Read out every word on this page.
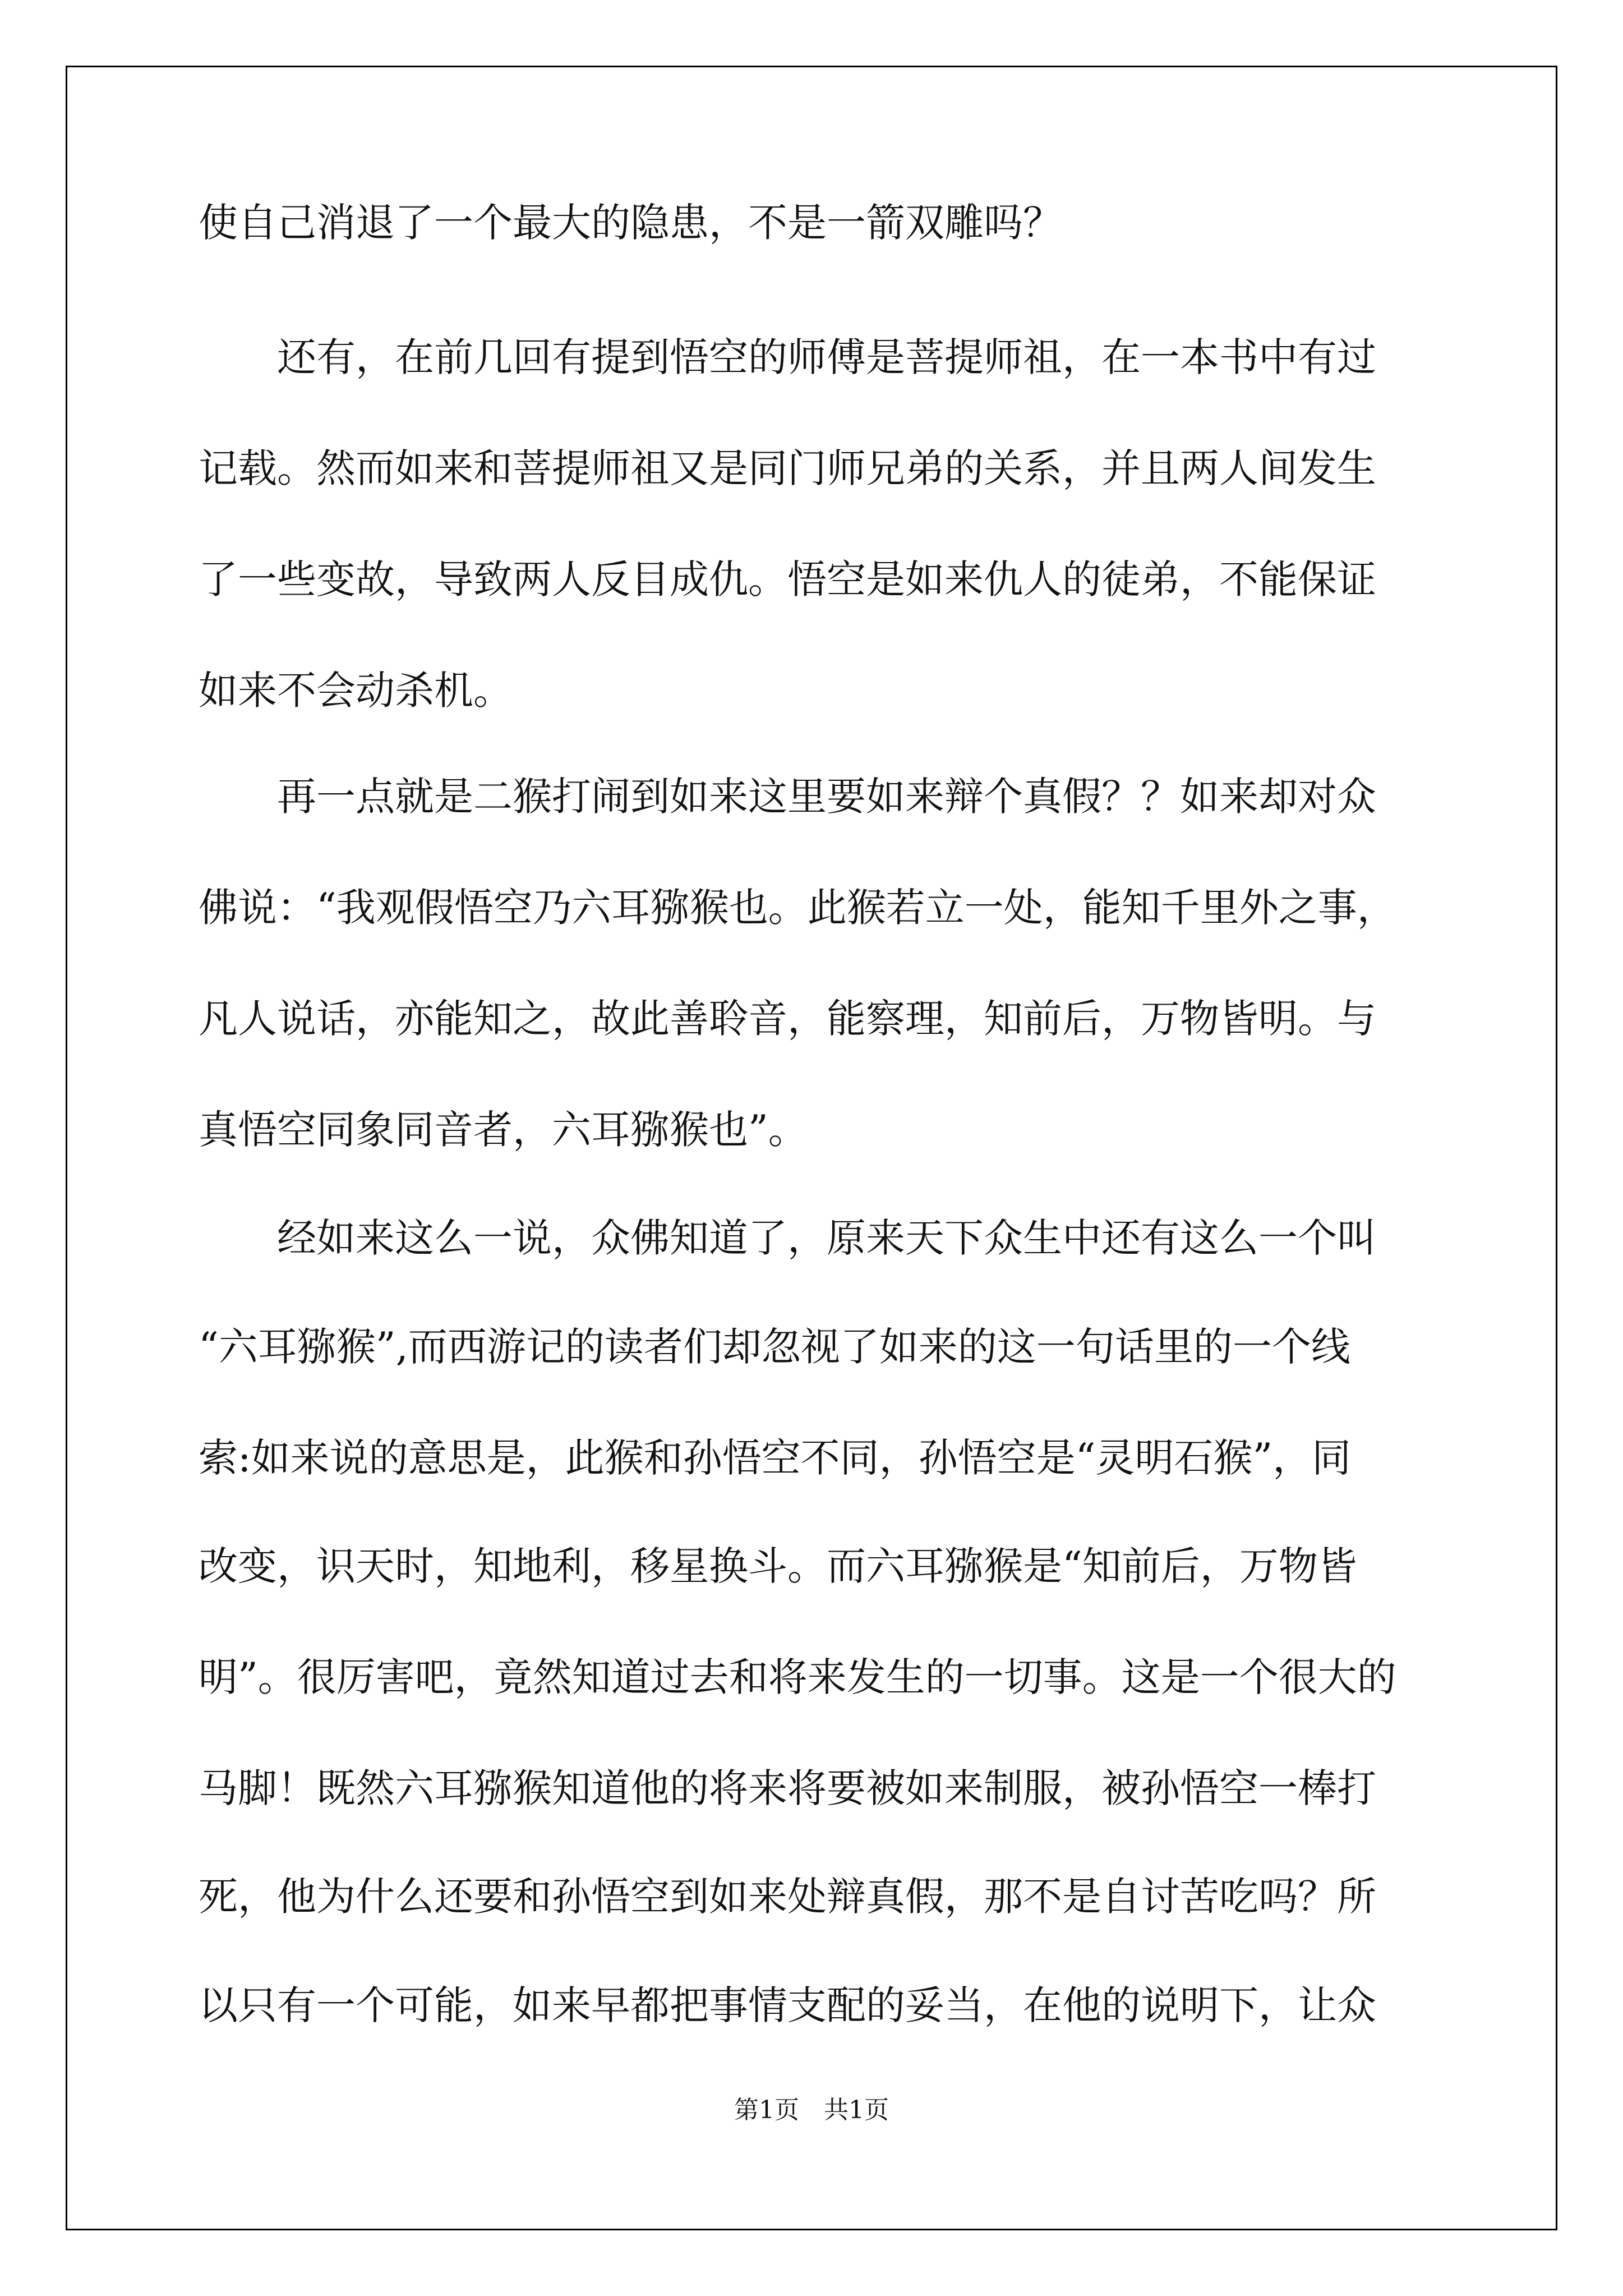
使自己消退了一个最大的隐患，不是一箭双雕吗？
　　还有，在前几回有提到悟空的师傅是菩提师祖，在一本书中有过
记载。然而如来和菩提师祖又是同门师兄弟的关系，并且两人间发生
了一些变故，导致两人反目成仇。悟空是如来仇人的徒弟，不能保证
如来不会动杀机。
　　再一点就是二猴打闹到如来这里要如来辩个真假？？如来却对众
佛说：“我观假悟空乃六耳猕猴也。此猴若立一处，能知千里外之事，
凡人说话，亦能知之，故此善聆音，能察理，知前后，万物皆明。与
真悟空同象同音者，六耳猕猴也”。
　　经如来这么一说，众佛知道了，原来天下众生中还有这么一个叫
“六耳猕猴”,而西游记的读者们却忽视了如来的这一句话里的一个线
索:如来说的意思是，此猴和孙悟空不同，孙悟空是“灵明石猴”，同
改变，识天时，知地利，移星换斗。而六耳猕猴是“知前后，万物皆
明”。很厉害吧，竟然知道过去和将来发生的一切事。这是一个很大的
马脚！既然六耳猕猴知道他的将来将要被如来制服，被孙悟空一棒打
死，他为什么还要和孙悟空到如来处辩真假，那不是自讨苦吃吗？所
以只有一个可能，如来早都把事情支配的妥当，在他的说明下，让众
第1页　共1页
